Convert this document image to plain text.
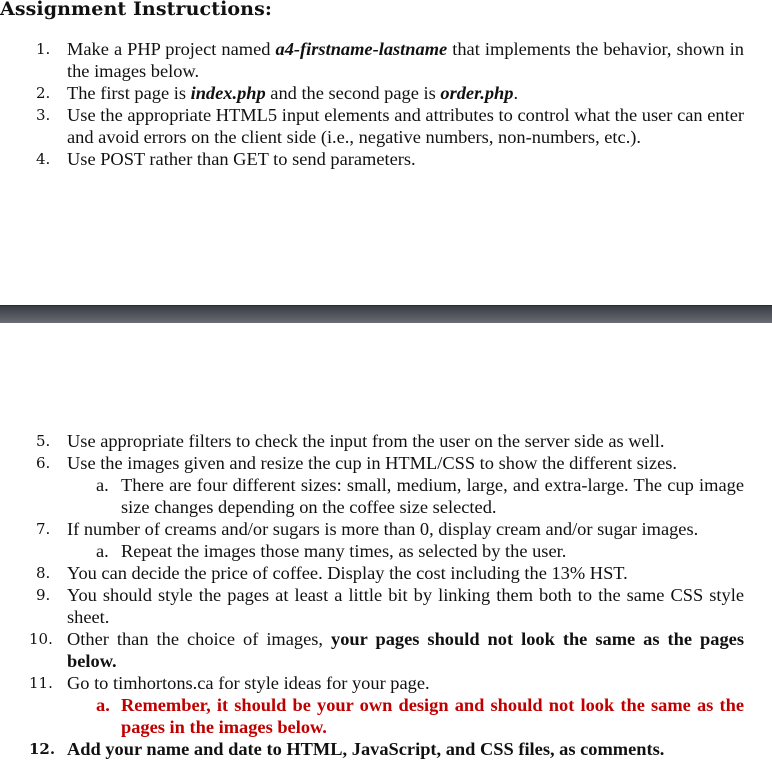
Assignment Instructions:
1. Make a PHP project named a4-firstname-lastname that implements the behavior, shown in the images below.
2. The first page is index.php and the second page is order.php.
3. Use the appropriate HTML5 input elements and attributes to control what the user can enter and avoid errors on the client side (i.e., negative numbers, non-numbers, etc.).
4. Use POST rather than GET to send parameters.
5. Use appropriate filters to check the input from the user on the server side as well.
6. Use the images given and resize the cup in HTML/CSS to show the different sizes.
a. There are four different sizes: small, medium, large, and extra-large. The cup image size changes depending on the coffee size selected.
7. If number of creams and/or sugars is more than 0, display cream and/or sugar images.
a. Repeat the images those many times, as selected by the user.
8. You can decide the price of coffee. Display the cost including the 13% HST.
9. You should style the pages at least a little bit by linking them both to the same CSS style sheet.
10. Other than the choice of images, your pages should not look the same as the pages below.
11. Go to timhortons.ca for style ideas for your page.
a. Remember, it should be your own design and should not look the same as the pages in the images below.
12. Add your name and date to HTML, JavaScript, and CSS files, as comments.
